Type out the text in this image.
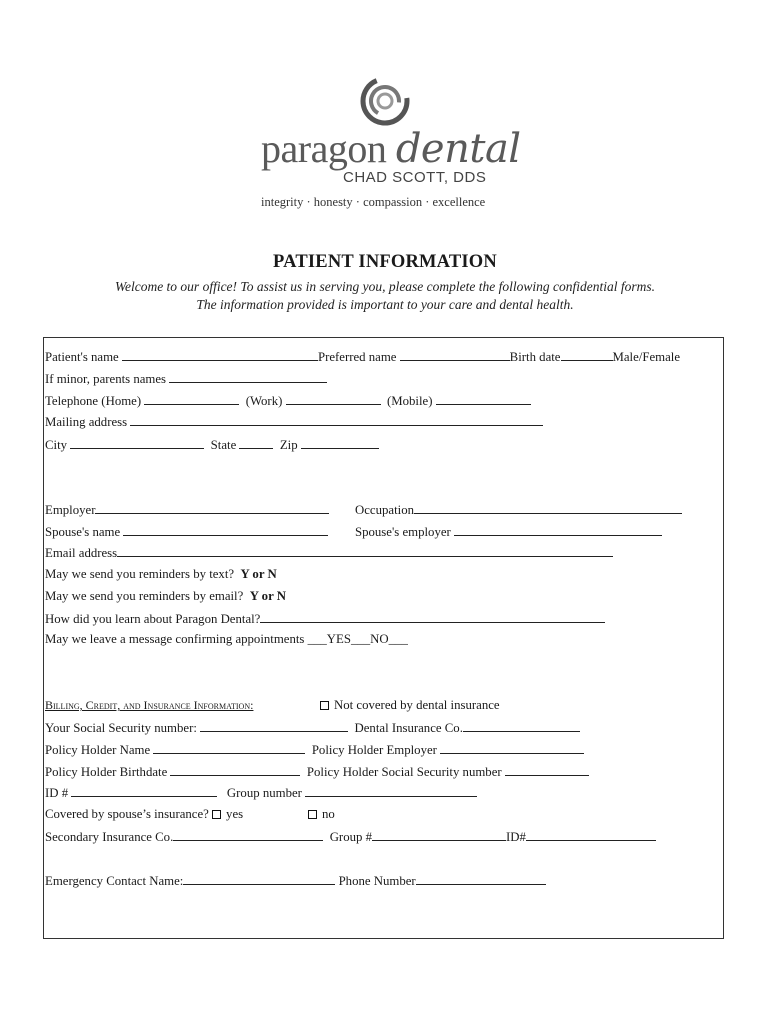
paragon dental
CHAD SCOTT, DDS
integrity · honesty · compassion · excellence
PATIENT INFORMATION
Welcome to our office! To assist us in serving you, please complete the following confidential forms.
The information provided is important to your care and dental health.
Patient's name	Preferred name	Birth date	Male/Female
If minor, parents names
Telephone (Home)	(Work)	(Mobile)
Mailing address
City	State	Zip
Employer	Occupation
Spouse's name	Spouse's employer
Email address
May we send you reminders by text? Y or N
May we send you reminders by email? Y or N
How did you learn about Paragon Dental?
May we leave a message confirming appointments ___YES___NO___
Billing, Credit, and Insurance Information:	Not covered by dental insurance
Your Social Security number:	Dental Insurance Co.
Policy Holder Name	Policy Holder Employer
Policy Holder Birthdate	Policy Holder Social Security number
ID #	Group number
Covered by spouse’s insurance? yes	no
Secondary Insurance Co.	Group #	ID#
Emergency Contact Name:	Phone Number
